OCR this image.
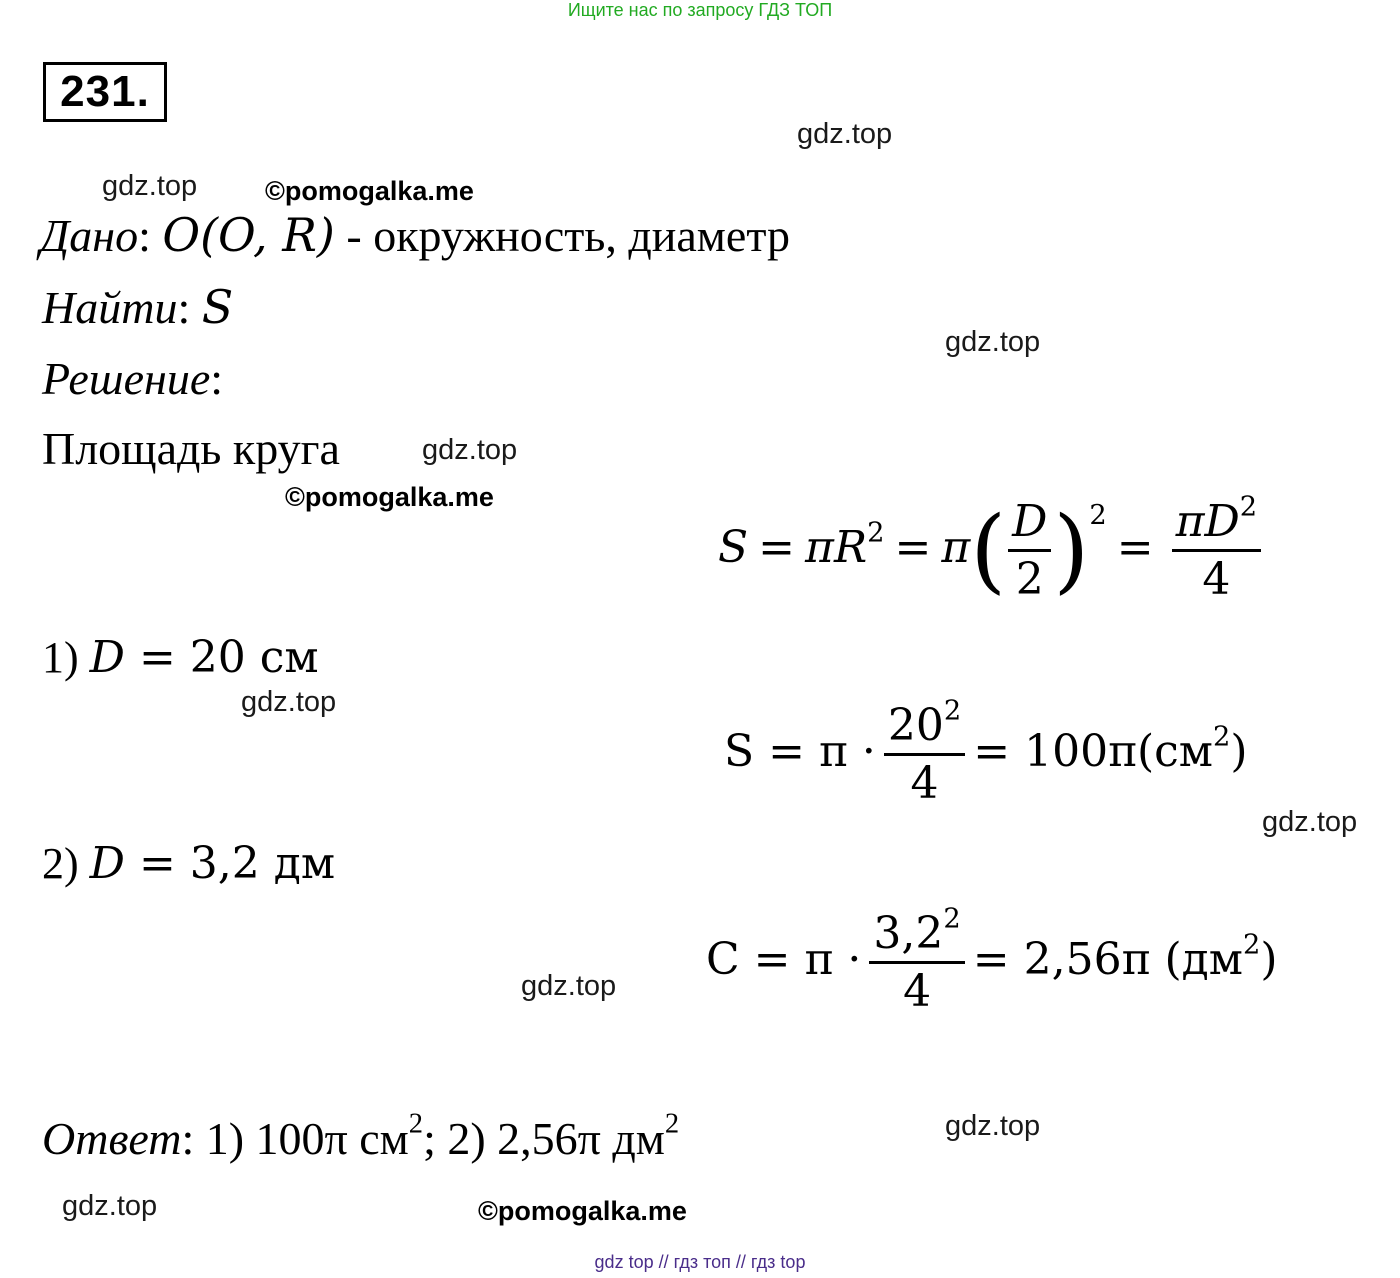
Ищите нас по запросу ГДЗ ТОП
231.
gdz.top
gdz.top	©pomogalka.me
gdz.top
gdz.top
©pomogalka.me
gdz.top
gdz.top
gdz.top
gdz.top
gdz.top	©pomogalka.me
Дано: O(O, R) - окружность, диаметр
Найти: S
Решение:
Площадь круга
$S = \pi R^2 = \pi( \frac{D}{2} )^2= \frac{\pi D^2}{4}$
1) D = 20 см
$S = \pi \cdot \frac{20^2}{4} = 100\pi(см^2)$
2) D = 3,2 дм
$C = \pi \cdot \frac{3,2^2}{4} = 2,56\pi$ $(дм^2)$
Ответ: 1) 100π $см^2$; 2) 2,56π $дм^2$
gdz top // гдз топ // гдз top
